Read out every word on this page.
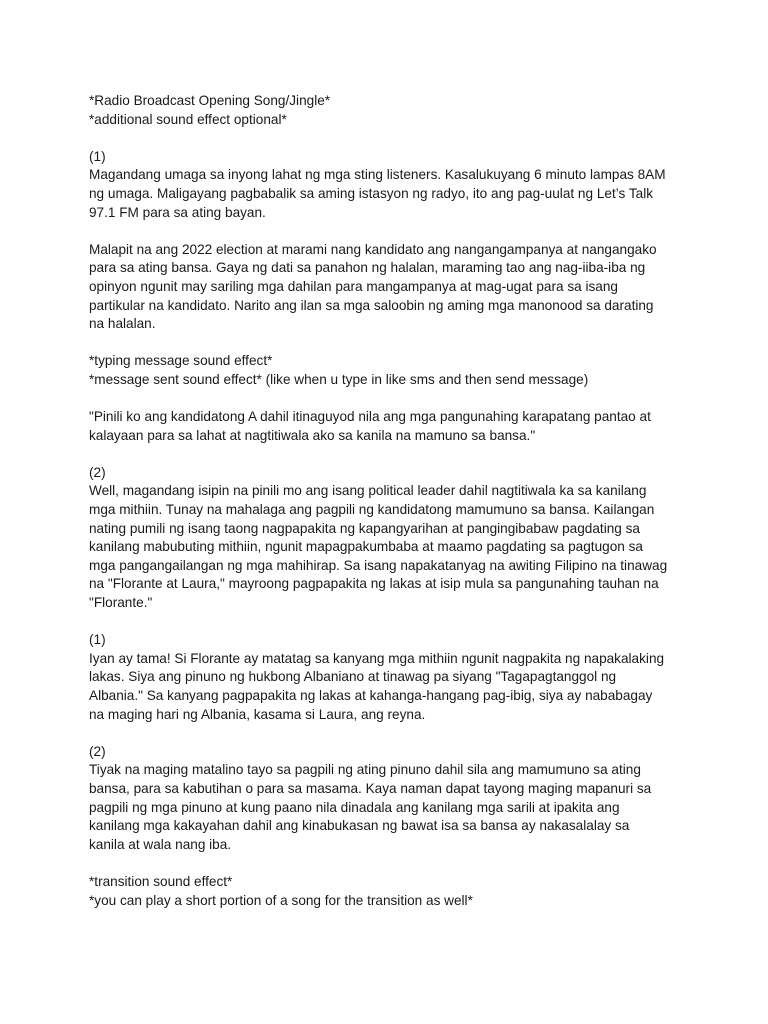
*Radio Broadcast Opening Song/Jingle*
*additional sound effect optional*
(1)
Magandang umaga sa inyong lahat ng mga sting listeners. Kasalukuyang 6 minuto lampas 8AM
ng umaga. Maligayang pagbabalik sa aming istasyon ng radyo, ito ang pag-uulat ng Let’s Talk
97.1 FM para sa ating bayan.
Malapit na ang 2022 election at marami nang kandidato ang nangangampanya at nangangako
para sa ating bansa. Gaya ng dati sa panahon ng halalan, maraming tao ang nag-iiba-iba ng
opinyon ngunit may sariling mga dahilan para mangampanya at mag-ugat para sa isang
partikular na kandidato. Narito ang ilan sa mga saloobin ng aming mga manonood sa darating
na halalan.
*typing message sound effect*
*message sent sound effect* (like when u type in like sms and then send message)
"Pinili ko ang kandidatong A dahil itinaguyod nila ang mga pangunahing karapatang pantao at
kalayaan para sa lahat at nagtitiwala ako sa kanila na mamuno sa bansa."
(2)
Well, magandang isipin na pinili mo ang isang political leader dahil nagtitiwala ka sa kanilang
mga mithiin. Tunay na mahalaga ang pagpili ng kandidatong mamumuno sa bansa. Kailangan
nating pumili ng isang taong nagpapakita ng kapangyarihan at pangingibabaw pagdating sa
kanilang mabubuting mithiin, ngunit mapagpakumbaba at maamo pagdating sa pagtugon sa
mga pangangailangan ng mga mahihirap. Sa isang napakatanyag na awiting Filipino na tinawag
na "Florante at Laura," mayroong pagpapakita ng lakas at isip mula sa pangunahing tauhan na
"Florante."
(1)
Iyan ay tama! Si Florante ay matatag sa kanyang mga mithiin ngunit nagpakita ng napakalaking
lakas. Siya ang pinuno ng hukbong Albaniano at tinawag pa siyang "Tagapagtanggol ng
Albania." Sa kanyang pagpapakita ng lakas at kahanga-hangang pag-ibig, siya ay nababagay
na maging hari ng Albania, kasama si Laura, ang reyna.
(2)
Tiyak na maging matalino tayo sa pagpili ng ating pinuno dahil sila ang mamumuno sa ating
bansa, para sa kabutihan o para sa masama. Kaya naman dapat tayong maging mapanuri sa
pagpili ng mga pinuno at kung paano nila dinadala ang kanilang mga sarili at ipakita ang
kanilang mga kakayahan dahil ang kinabukasan ng bawat isa sa bansa ay nakasalalay sa
kanila at wala nang iba.
*transition sound effect*
*you can play a short portion of a song for the transition as well*
